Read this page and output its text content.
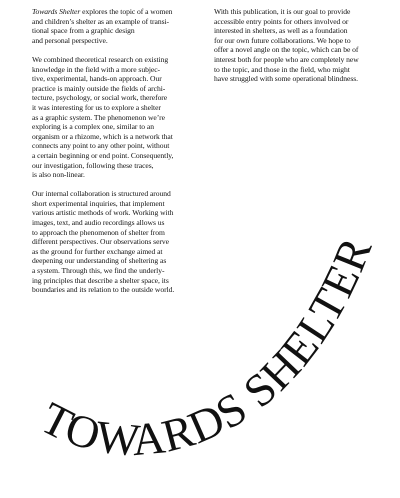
Towards Shelter explores the topic of a women
and children’s shelter as an example of transi-
tional space from a graphic design
and personal perspective.

We combined theoretical research on existing
knowledge in the field with a more subjec-
tive, experimental, hands-on approach. Our
practice is mainly outside the fields of archi-
tecture, psychology, or social work, therefore
it was interesting for us to explore a shelter
as a graphic system. The phenomenon we’re
exploring is a complex one, similar to an
organism or a rhizome, which is a network that
connects any point to any other point, without
a certain beginning or end point. Consequently,
our investigation, following these traces,
is also non-linear.

Our internal collaboration is structured around
short experimental inquiries, that implement
various artistic methods of work. Working with
images, text, and audio recordings allows us
to approach the phenomenon of shelter from
different perspectives. Our observations serve
as the ground for further exchange aimed at
deepening our understanding of sheltering as
a system. Through this, we find the underly-
ing principles that describe a shelter space, its
boundaries and its relation to the outside world.

With this publication, it is our goal to provide
accessible entry points for others involved or
interested in shelters, as well as a foundation
for our own future collaborations. We hope to
offer a novel angle on the topic, which can be of
interest both for people who are completely new
to the topic, and those in the field, who might
have struggled with some operational blindness.

TOWARDS SHELTER
